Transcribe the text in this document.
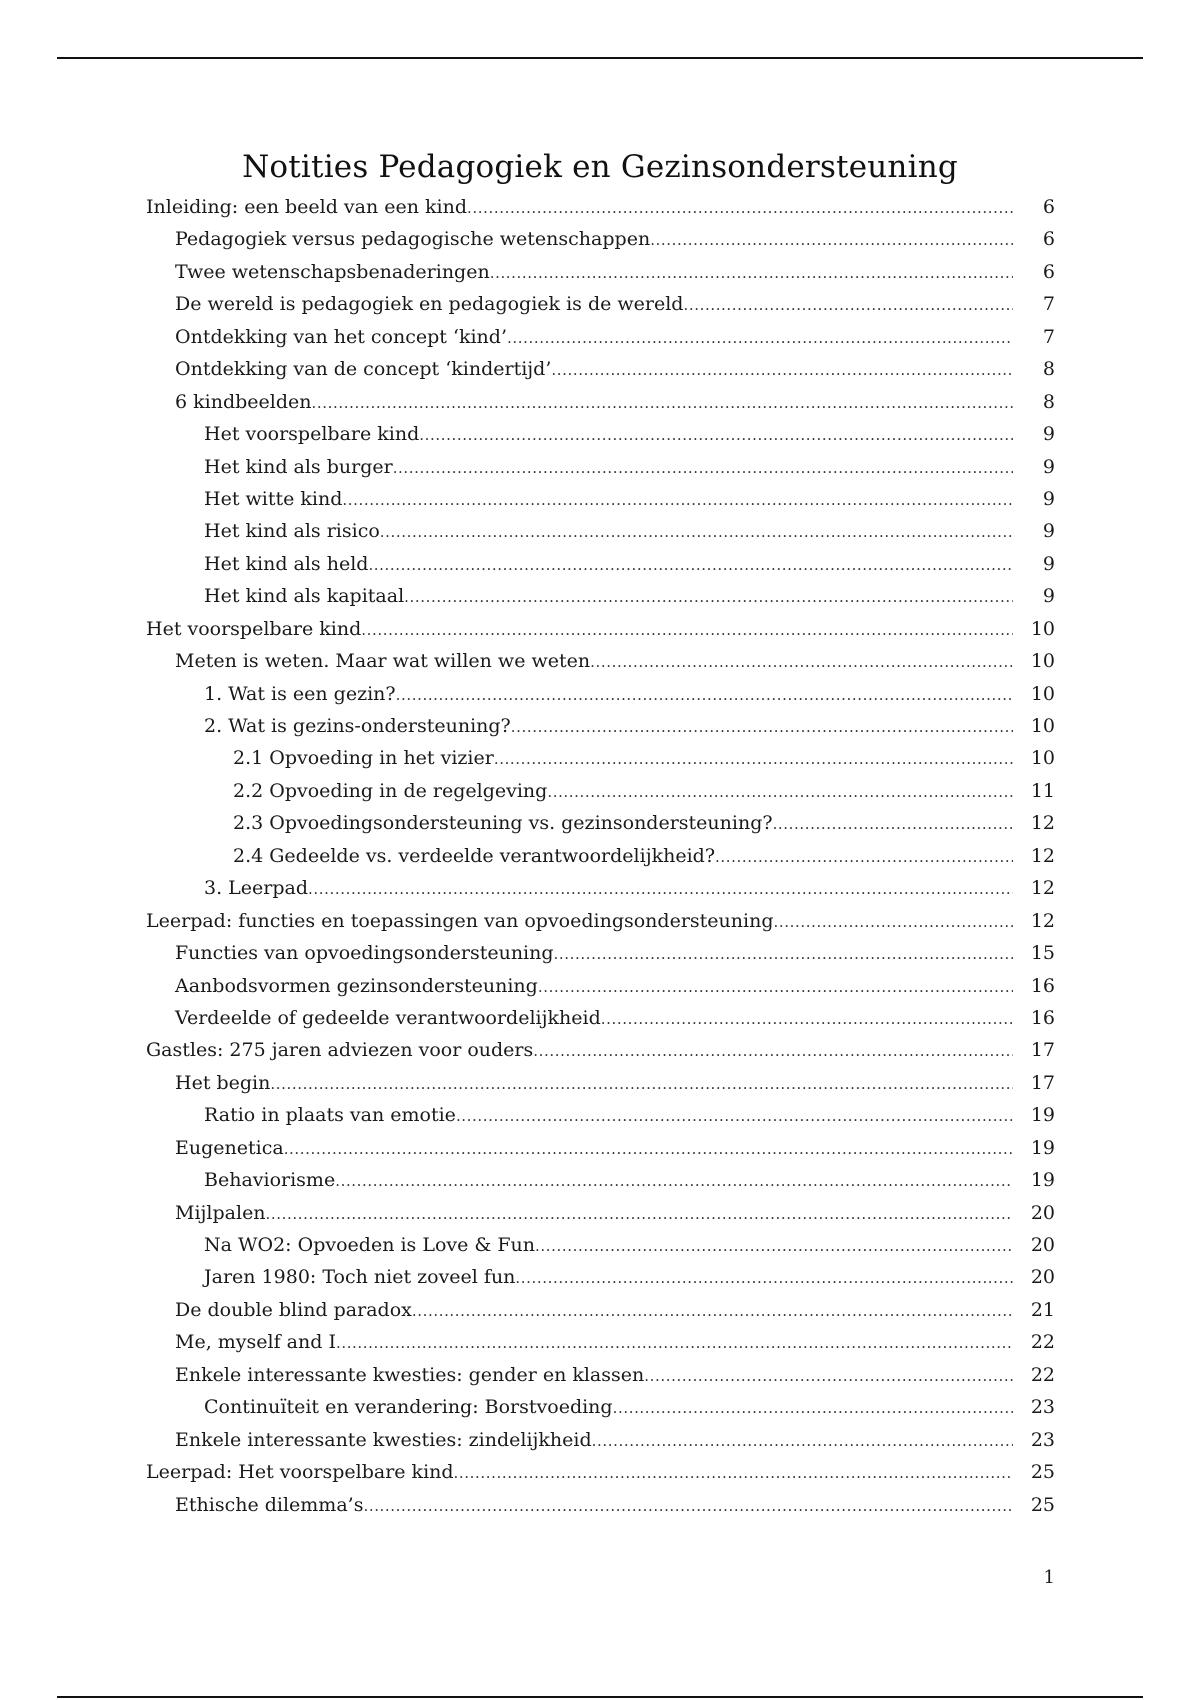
Notities Pedagogiek en Gezinsondersteuning
Inleiding: een beeld van een kind .....	6
Pedagogiek versus pedagogische wetenschappen .....	6
Twee wetenschapsbenaderingen .....	6
De wereld is pedagogiek en pedagogiek is de wereld .....	7
Ontdekking van het concept ‘kind’ .....	7
Ontdekking van de concept ‘kindertijd’ .....	8
6 kindbeelden .....	8
Het voorspelbare kind .....	9
Het kind als burger .....	9
Het witte kind .....	9
Het kind als risico .....	9
Het kind als held .....	9
Het kind als kapitaal .....	9
Het voorspelbare kind .....	10
Meten is weten. Maar wat willen we weten .....	10
1. Wat is een gezin? .....	10
2. Wat is gezins-ondersteuning? .....	10
2.1 Opvoeding in het vizier .....	10
2.2 Opvoeding in de regelgeving .....	11
2.3 Opvoedingsondersteuning vs. gezinsondersteuning? .....	12
2.4 Gedeelde vs. verdeelde verantwoordelijkheid? .....	12
3. Leerpad .....	12
Leerpad: functies en toepassingen van opvoedingsondersteuning .....	12
Functies van opvoedingsondersteuning .....	15
Aanbodsvormen gezinsondersteuning .....	16
Verdeelde of gedeelde verantwoordelijkheid .....	16
Gastles: 275 jaren adviezen voor ouders .....	17
Het begin .....	17
Ratio in plaats van emotie .....	19
Eugenetica .....	19
Behaviorisme .....	19
Mijlpalen .....	20
Na WO2: Opvoeden is Love & Fun .....	20
Jaren 1980: Toch niet zoveel fun .....	20
De double blind paradox .....	21
Me, myself and I .....	22
Enkele interessante kwesties: gender en klassen .....	22
Continuïteit en verandering: Borstvoeding .....	23
Enkele interessante kwesties: zindelijkheid .....	23
Leerpad: Het voorspelbare kind .....	25
Ethische dilemma’s .....	25
1
